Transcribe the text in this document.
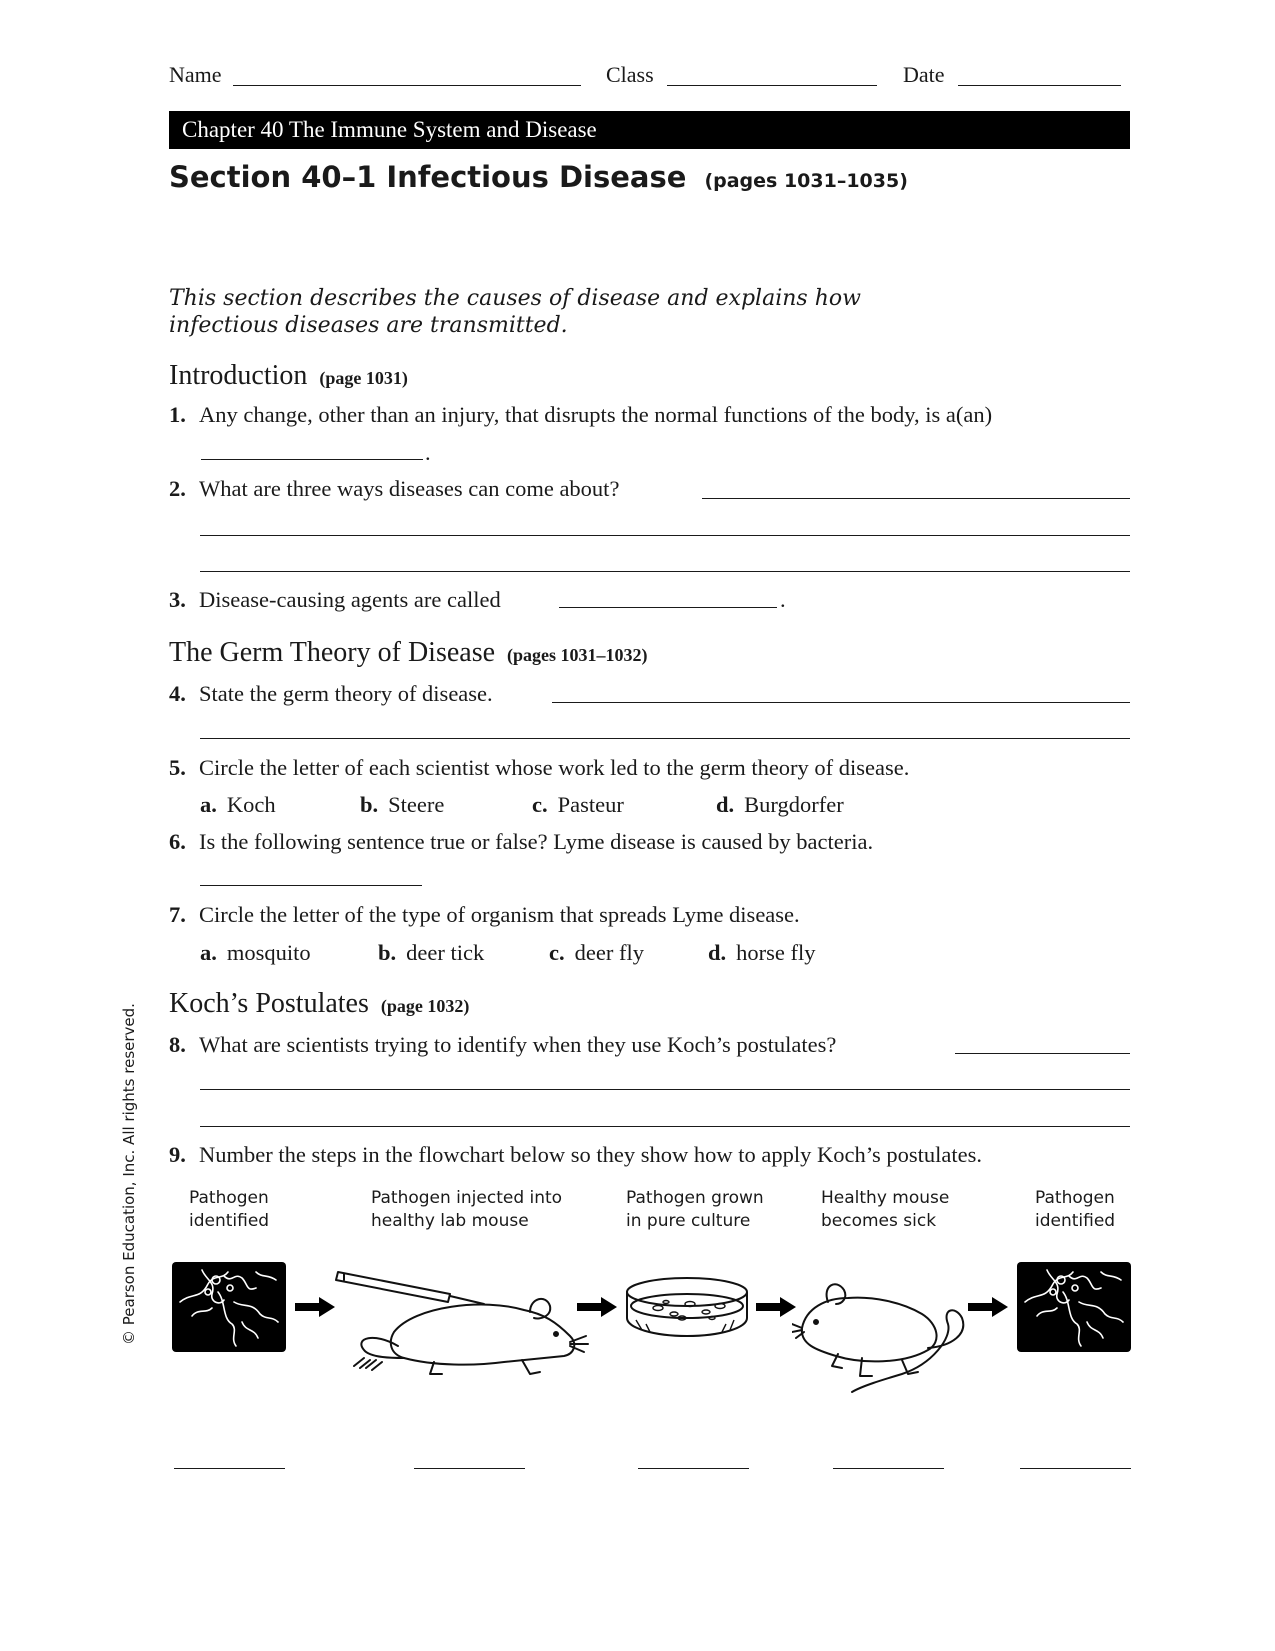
Name	Class	Date
Chapter 40 The Immune System and Disease
Section 40–1 Infectious Disease (pages 1031–1035)
This section describes the causes of disease and explains how infectious diseases are transmitted.
Introduction (page 1031)
1. Any change, other than an injury, that disrupts the normal functions of the body, is a(an)
.
2. What are three ways diseases can come about?
3. Disease-causing agents are called	.
The Germ Theory of Disease (pages 1031–1032)
4. State the germ theory of disease.
5. Circle the letter of each scientist whose work led to the germ theory of disease.
a. Koch	b. Steere	c. Pasteur	d. Burgdorfer
6. Is the following sentence true or false? Lyme disease is caused by bacteria.
7. Circle the letter of the type of organism that spreads Lyme disease.
a. mosquito	b. deer tick	c. deer fly	d. horse fly
Koch’s Postulates (page 1032)
8. What are scientists trying to identify when they use Koch’s postulates?
9. Number the steps in the flowchart below so they show how to apply Koch’s postulates.
Pathogen
identified
Pathogen injected into
healthy lab mouse
Pathogen grown
in pure culture
Healthy mouse
becomes sick
Pathogen
identified
© Pearson Education, Inc. All rights reserved.
